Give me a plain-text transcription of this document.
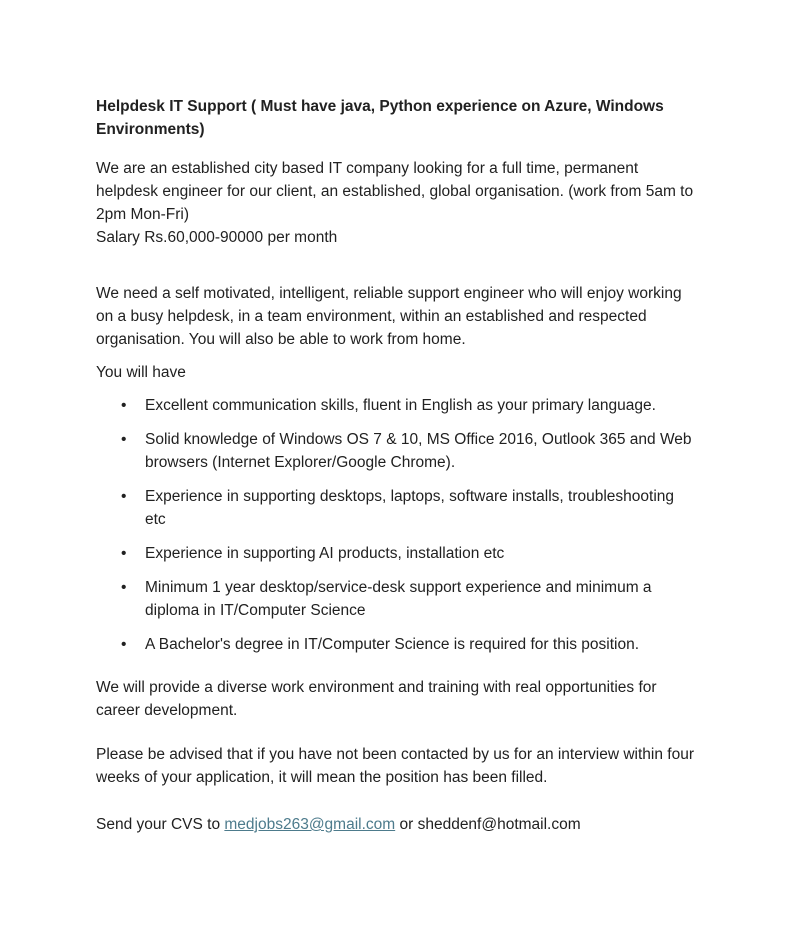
Helpdesk IT Support ( Must have java, Python experience on Azure, Windows
Environments)

We are an established city based IT company looking for a full time, permanent
helpdesk engineer for our client, an established, global organisation. (work from 5am to
2pm Mon-Fri)
Salary Rs.60,000-90000 per month

We need a self motivated, intelligent, reliable support engineer who will enjoy working
on a busy helpdesk, in a team environment, within an established and respected
organisation. You will also be able to work from home.

You will have

• Excellent communication skills, fluent in English as your primary language.
• Solid knowledge of Windows OS 7 & 10, MS Office 2016, Outlook 365 and Web
browsers (Internet Explorer/Google Chrome).
• Experience in supporting desktops, laptops, software installs, troubleshooting
etc
• Experience in supporting AI products, installation etc
• Minimum 1 year desktop/service-desk support experience and minimum a
diploma in IT/Computer Science
• A Bachelor's degree in IT/Computer Science is required for this position.

We will provide a diverse work environment and training with real opportunities for
career development.

Please be advised that if you have not been contacted by us for an interview within four
weeks of your application, it will mean the position has been filled.

Send your CVS to medjobs263@gmail.com or sheddenf@hotmail.com
